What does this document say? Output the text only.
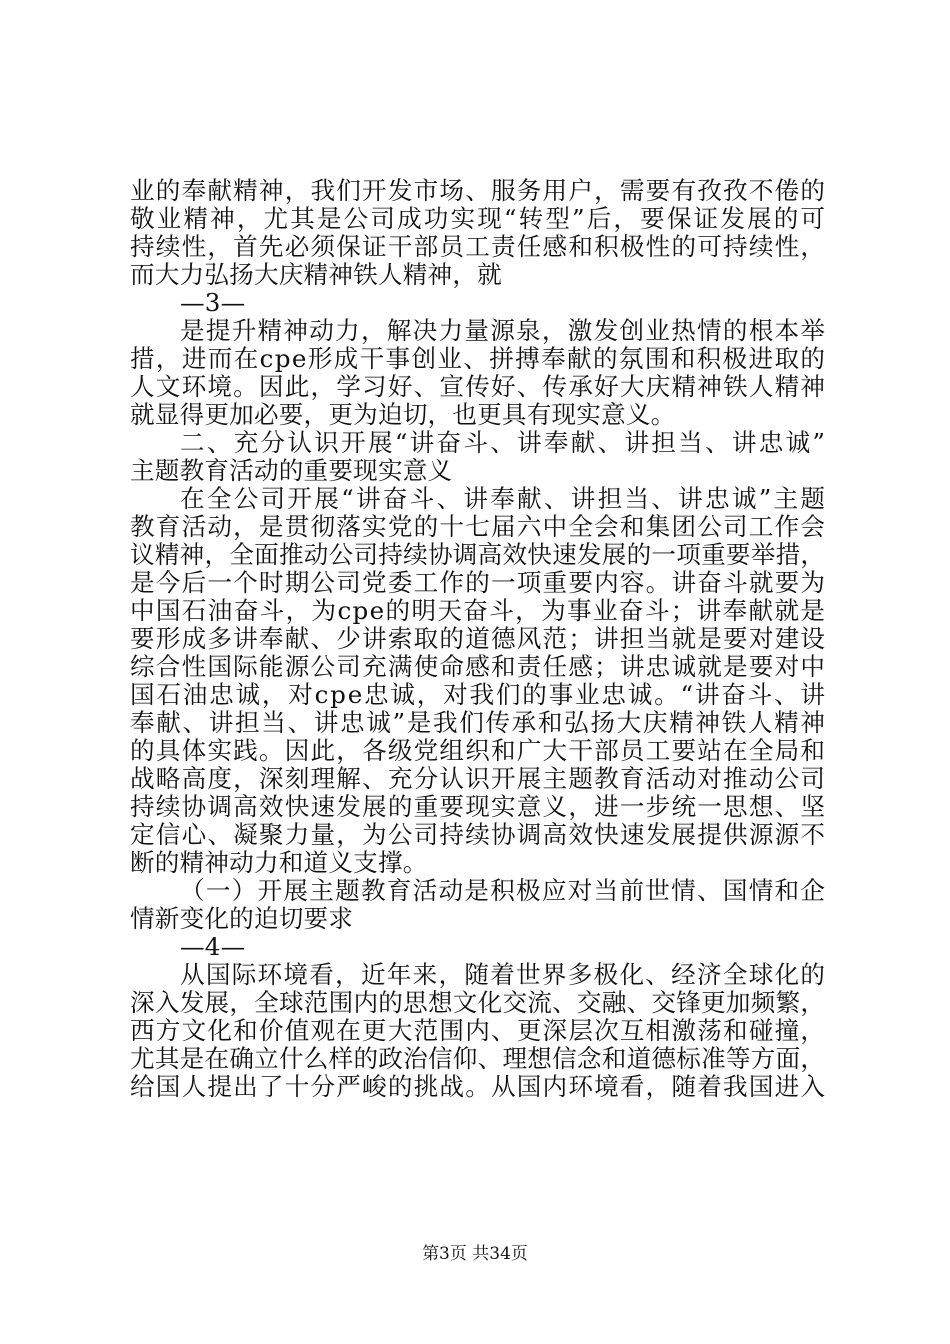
业的奉献精神，我们开发市场、服务用户，需要有孜孜不倦的
敬业精神，尤其是公司成功实现“转型”后，要保证发展的可
持续性，首先必须保证干部员工责任感和积极性的可持续性，
而大力弘扬大庆精神铁人精神，就
—3—
是提升精神动力，解决力量源泉，激发创业热情的根本举
措，进而在cpe形成干事创业、拼搏奉献的氛围和积极进取的
人文环境。因此，学习好、宣传好、传承好大庆精神铁人精神
就显得更加必要，更为迫切，也更具有现实意义。
二、充分认识开展“讲奋斗、讲奉献、讲担当、讲忠诚”
主题教育活动的重要现实意义
在全公司开展“讲奋斗、讲奉献、讲担当、讲忠诚”主题
教育活动，是贯彻落实党的十七届六中全会和集团公司工作会
议精神，全面推动公司持续协调高效快速发展的一项重要举措，
是今后一个时期公司党委工作的一项重要内容。讲奋斗就要为
中国石油奋斗，为cpe的明天奋斗，为事业奋斗；讲奉献就是
要形成多讲奉献、少讲索取的道德风范；讲担当就是要对建设
综合性国际能源公司充满使命感和责任感；讲忠诚就是要对中
国石油忠诚，对cpe忠诚，对我们的事业忠诚。“讲奋斗、讲
奉献、讲担当、讲忠诚”是我们传承和弘扬大庆精神铁人精神
的具体实践。因此，各级党组织和广大干部员工要站在全局和
战略高度，深刻理解、充分认识开展主题教育活动对推动公司
持续协调高效快速发展的重要现实意义，进一步统一思想、坚
定信心、凝聚力量，为公司持续协调高效快速发展提供源源不
断的精神动力和道义支撑。
（一）开展主题教育活动是积极应对当前世情、国情和企
情新变化的迫切要求
—4—
从国际环境看，近年来，随着世界多极化、经济全球化的
深入发展，全球范围内的思想文化交流、交融、交锋更加频繁，
西方文化和价值观在更大范围内、更深层次互相激荡和碰撞，
尤其是在确立什么样的政治信仰、理想信念和道德标准等方面，
给国人提出了十分严峻的挑战。从国内环境看，随着我国进入
第3页 共34页
